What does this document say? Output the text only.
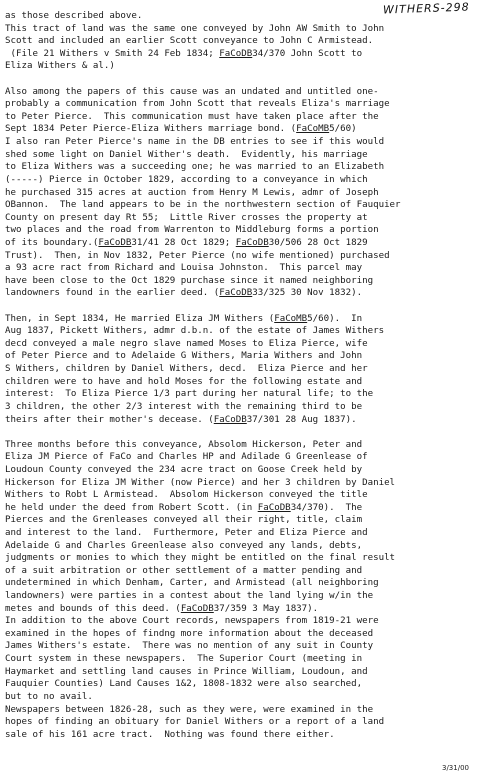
WITHERS-298
as those described above.
This tract of land was the same one conveyed by John AW Smith to John
Scott and included an earlier Scott conveyance to John C Armistead.
(File 21 Withers v Smith 24 Feb 1834; FaCoDB34/370 John Scott to
Eliza Withers & al.)
Also among the papers of this cause was an undated and untitled one-
probably a communication from John Scott that reveals Eliza's marriage
to Peter Pierce.  This communication must have taken place after the
Sept 1834 Peter Pierce-Eliza Withers marriage bond. (FaCoMB5/60)
I also ran Peter Pierce's name in the DB entries to see if this would
shed some light on Daniel Wither's death.  Evidently, his marriage
to Eliza Withers was a succeeding one; he was married to an Elizabeth
(-----) Pierce in October 1829, according to a conveyance in which
he purchased 315 acres at auction from Henry M Lewis, admr of Joseph
OBannon.  The land appears to be in the northwestern section of Fauquier
County on present day Rt 55;  Little River crosses the property at
two places and the road from Warrenton to Middleburg forms a portion
of its boundary.(FaCoDB31/41 28 Oct 1829; FaCoDB30/506 28 Oct 1829
Trust).  Then, in Nov 1832, Peter Pierce (no wife mentioned) purchased
a 93 acre ract from Richard and Louisa Johnston.  This parcel may
have been close to the Oct 1829 purchase since it named neighboring
landowners found in the earlier deed. (FaCoDB33/325 30 Nov 1832).
Then, in Sept 1834, He married Eliza JM Withers (FaCoMB5/60).  In
Aug 1837, Pickett Withers, admr d.b.n. of the estate of James Withers
decd conveyed a male negro slave named Moses to Eliza Pierce, wife
of Peter Pierce and to Adelaide G Withers, Maria Withers and John
S Withers, children by Daniel Withers, decd.  Eliza Pierce and her
children were to have and hold Moses for the following estate and
interest:  To Eliza Pierce 1/3 part during her natural life; to the
3 children, the other 2/3 interest with the remaining third to be
theirs after their mother's decease. (FaCoDB37/301 28 Aug 1837).
Three months before this conveyance, Absolom Hickerson, Peter and
Eliza JM Pierce of FaCo and Charles HP and Adilade G Greenlease of
Loudoun County conveyed the 234 acre tract on Goose Creek held by
Hickerson for Eliza JM Wither (now Pierce) and her 3 children by Daniel
Withers to Robt L Armistead.  Absolom Hickerson conveyed the title
he held under the deed from Robert Scott. (in FaCoDB34/370).  The
Pierces and the Grenleases conveyed all their right, title, claim
and interest to the land.  Furthermore, Peter and Eliza Pierce and
Adelaide G and Charles Greenlease also conveyed any lands, debts,
judgments or monies to which they might be entitled on the final result
of a suit arbitration or other settlement of a matter pending and
undetermined in which Denham, Carter, and Armistead (all neighboring
landowners) were parties in a contest about the land lying w/in the
metes and bounds of this deed. (FaCoDB37/359 3 May 1837).
In addition to the above Court records, newspapers from 1819-21 were
examined in the hopes of findng more information about the deceased
James Withers's estate.  There was no mention of any suit in County
Court system in these newspapers.  The Superior Court (meeting in
Haymarket and settling land causes in Prince William, Loudoun, and
Fauquier Counties) Land Causes 1&2, 1808-1832 were also searched,
but to no avail.
Newspapers between 1826-28, such as they were, were examined in the
hopes of finding an obituary for Daniel Withers or a report of a land
sale of his 161 acre tract.  Nothing was found there either.
3/31/00
